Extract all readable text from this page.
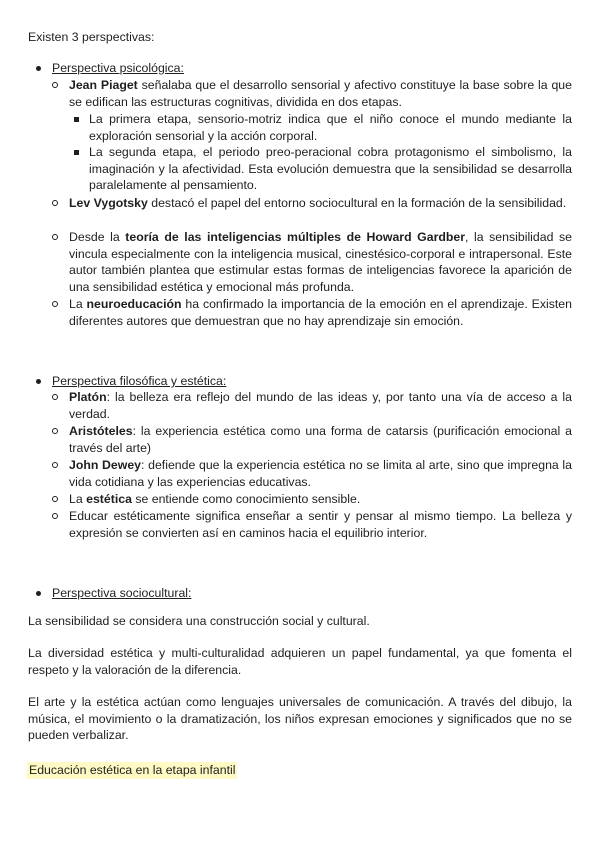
Existen 3 perspectivas:
Perspectiva psicológica:
Jean Piaget señalaba que el desarrollo sensorial y afectivo constituye la base sobre la que se edifican las estructuras cognitivas, dividida en dos etapas.
La primera etapa, sensorio-motriz indica que el niño conoce el mundo mediante la exploración sensorial y la acción corporal.
La segunda etapa, el periodo preo-peracional cobra protagonismo el simbolismo, la imaginación y la afectividad. Esta evolución demuestra que la sensibilidad se desarrolla paralelamente al pensamiento.
Lev Vygotsky destacó el papel del entorno sociocultural en la formación de la sensibilidad.
Desde la teoría de las inteligencias múltiples de Howard Gardber, la sensibilidad se vincula especialmente con la inteligencia musical, cinestésico-corporal e intrapersonal. Este autor también plantea que estimular estas formas de inteligencias favorece la aparición de una sensibilidad estética y emocional más profunda.
La neuroeducación ha confirmado la importancia de la emoción en el aprendizaje. Existen diferentes autores que demuestran que no hay aprendizaje sin emoción.
Perspectiva filosófica y estética:
Platón: la belleza era reflejo del mundo de las ideas y, por tanto una vía de acceso a la verdad.
Aristóteles: la experiencia estética como una forma de catarsis (purificación emocional a través del arte)
John Dewey: defiende que la experiencia estética no se limita al arte, sino que impregna la vida cotidiana y las experiencias educativas.
La estética se entiende como conocimiento sensible.
Educar estéticamente significa enseñar a sentir y pensar al mismo tiempo. La belleza y expresión se convierten así en caminos hacia el equilibrio interior.
Perspectiva sociocultural:
La sensibilidad se considera una construcción social y cultural.
La diversidad estética y multi-culturalidad adquieren un papel fundamental, ya que fomenta el respeto y la valoración de la diferencia.
El arte y la estética actúan como lenguajes universales de comunicación. A través del dibujo, la música, el movimiento o la dramatización, los niños expresan emociones y significados que no se pueden verbalizar.
Educación estética en la etapa infantil
